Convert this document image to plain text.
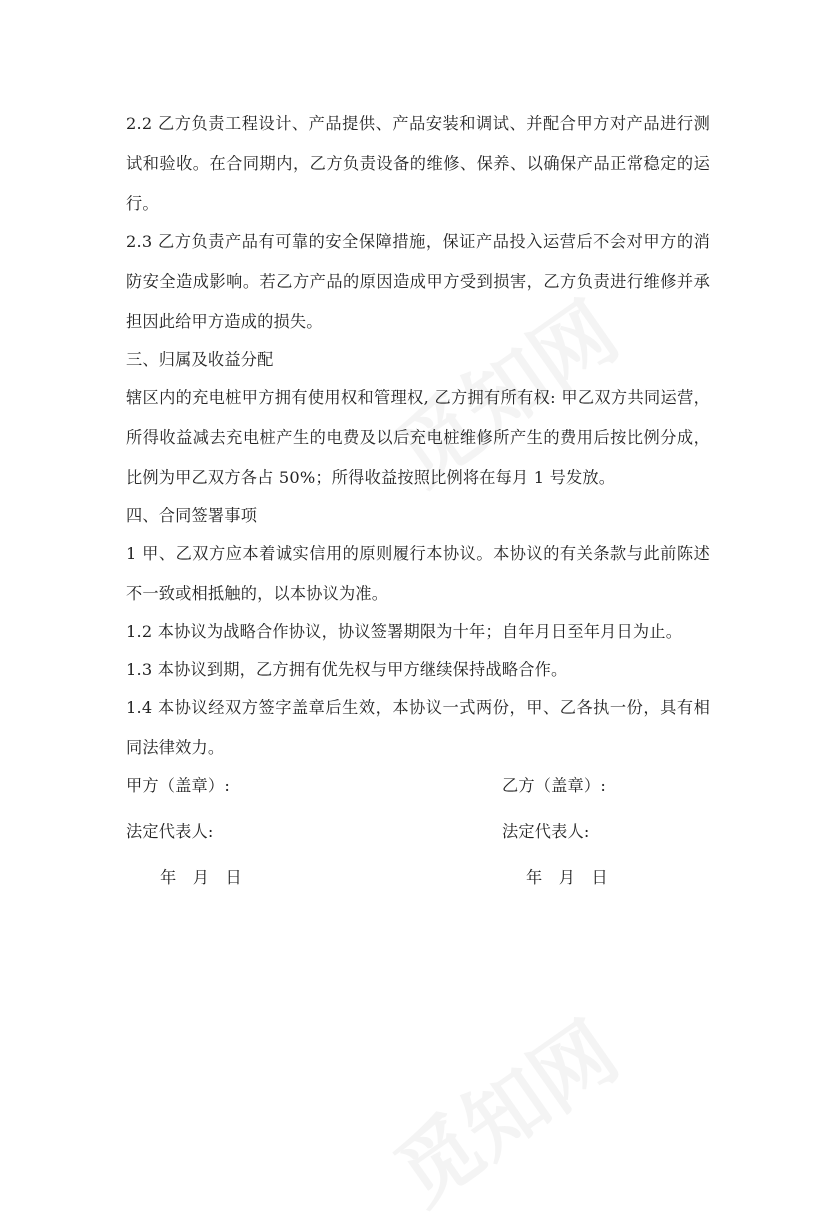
2.2 乙方负责工程设计、产品提供、产品安装和调试、并配合甲方对产品进行测试和验收。在合同期内，乙方负责设备的维修、保养、以确保产品正常稳定的运行。

2.3 乙方负责产品有可靠的安全保障措施，保证产品投入运营后不会对甲方的消防安全造成影响。若乙方产品的原因造成甲方受到损害，乙方负责进行维修并承担因此给甲方造成的损失。

三、归属及收益分配

辖区内的充电桩甲方拥有使用权和管理权, 乙方拥有所有权: 甲乙双方共同运营，所得收益减去充电桩产生的电费及以后充电桩维修所产生的费用后按比例分成，比例为甲乙双方各占 50%；所得收益按照比例将在每月 1 号发放。

四、合同签署事项

1 甲、乙双方应本着诚实信用的原则履行本协议。本协议的有关条款与此前陈述不一致或相抵触的，以本协议为准。

1.2 本协议为战略合作协议，协议签署期限为十年；自年月日至年月日为止。

1.3 本协议到期，乙方拥有优先权与甲方继续保持战略合作。

1.4 本协议经双方签字盖章后生效，本协议一式两份，甲、乙各执一份，具有相同法律效力。

甲方（盖章）:	乙方（盖章）:
法定代表人:	法定代表人:
年　月　日	年　月　日
